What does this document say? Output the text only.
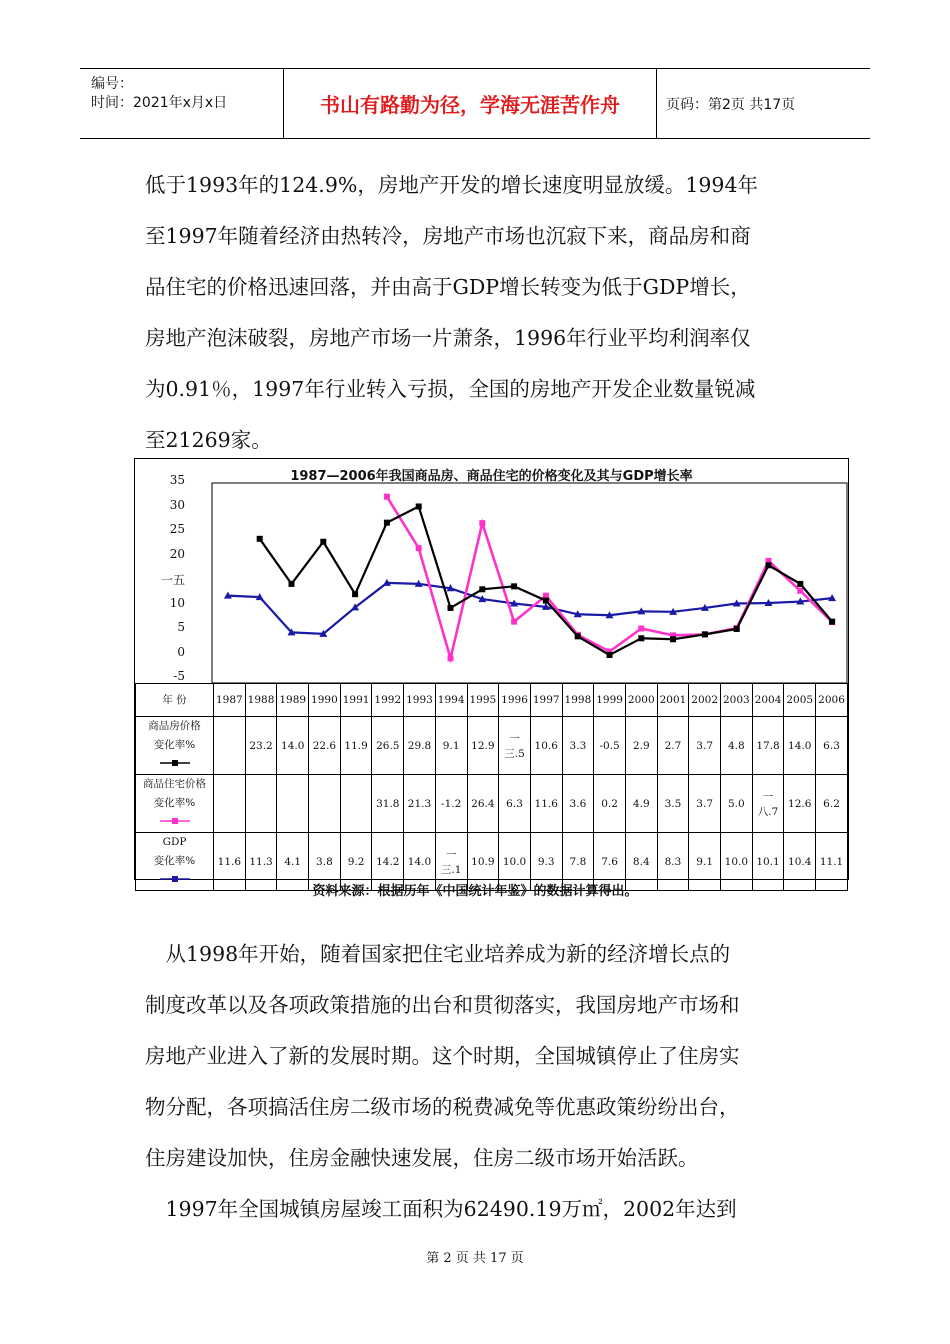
编号：
时间：2021年x月x日	书山有路勤为径，学海无涯苦作舟	页码：第2页 共17页

低于1993年的124.9%，房地产开发的增长速度明显放缓。1994年

至1997年随着经济由热转冷，房地产市场也沉寂下来，商品房和商

品住宅的价格迅速回落，并由高于GDP增长转变为低于GDP增长，

房地产泡沫破裂，房地产市场一片萧条，1996年行业平均利润率仅

为0.91％，1997年行业转入亏损，全国的房地产开发企业数量锐减

至21269家。

1987—2006年我国商品房、商品住宅的价格变化及其与GDP增长率
35
30
25
20
一五
10
5
0
-5
年 份	1987	1988	1989	1990	1991	1992	1993	1994	1995	1996	1997	1998	1999	2000	2001	2002	2003	2004	2005	2006

商品房价格
变化率%		23.2	14.0	22.6	11.9	26.5	29.8	9.1	12.9	一三.5	10.6	3.3	-0.5	2.9	2.7	3.7	4.8	17.8	14.0	6.3

商品住宅价格
变化率%						31.8	21.3	-1.2	26.4	6.3	11.6	3.6	0.2	4.9	3.5	3.7	5.0	一八.7	12.6	6.2

GDP
变化率%	11.6	11.3	4.1	3.8	9.2	14.2	14.0	一三.1	10.9	10.0	9.3	7.8	7.6	8.4	8.3	9.1	10.0	10.1	10.4	11.1
资料来源：根据历年《中国统计年鉴》的数据计算得出。

　从1998年开始，随着国家把住宅业培养成为新的经济增长点的

制度改革以及各项政策措施的出台和贯彻落实，我国房地产市场和

房地产业进入了新的发展时期。这个时期，全国城镇停止了住房实

物分配，各项搞活住房二级市场的税费减免等优惠政策纷纷出台，

住房建设加快，住房金融快速发展，住房二级市场开始活跃。

　1997年全国城镇房屋竣工面积为62490.19万㎡，2002年达到

第 2 页 共 17 页
